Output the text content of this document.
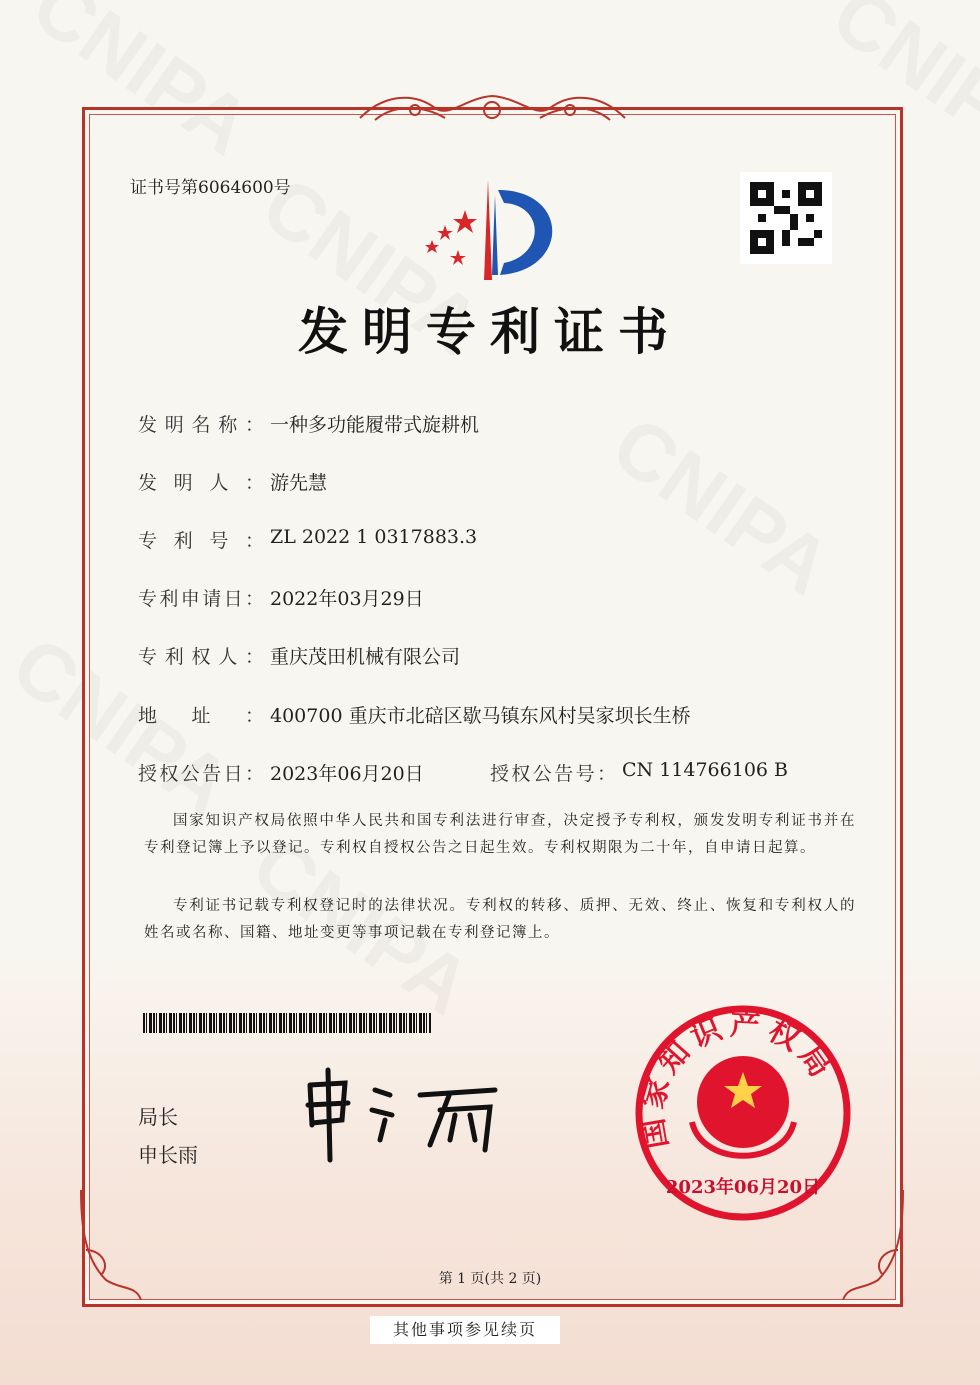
证书号第6064600号
发明专利证书
发明名称： 一种多功能履带式旋耕机
发明人： 游先慧
专利号： ZL 2022 1 0317883.3
专利申请日： 2022年03月29日
专利权人： 重庆茂田机械有限公司
地址： 400700 重庆市北碚区歇马镇东风村吴家坝长生桥
授权公告日： 2023年06月20日	授权公告号： CN 114766106 B
国家知识产权局依照中华人民共和国专利法进行审查，决定授予专利权，颁发发明专利证书并在专利登记簿上予以登记。专利权自授权公告之日起生效。专利权期限为二十年，自申请日起算。
专利证书记载专利权登记时的法律状况。专利权的转移、质押、无效、终止、恢复和专利权人的姓名或名称、国籍、地址变更等事项记载在专利登记簿上。
局长
申长雨
国家知识产权局
2023年06月20日
第 1 页(共 2 页)
其他事项参见续页
